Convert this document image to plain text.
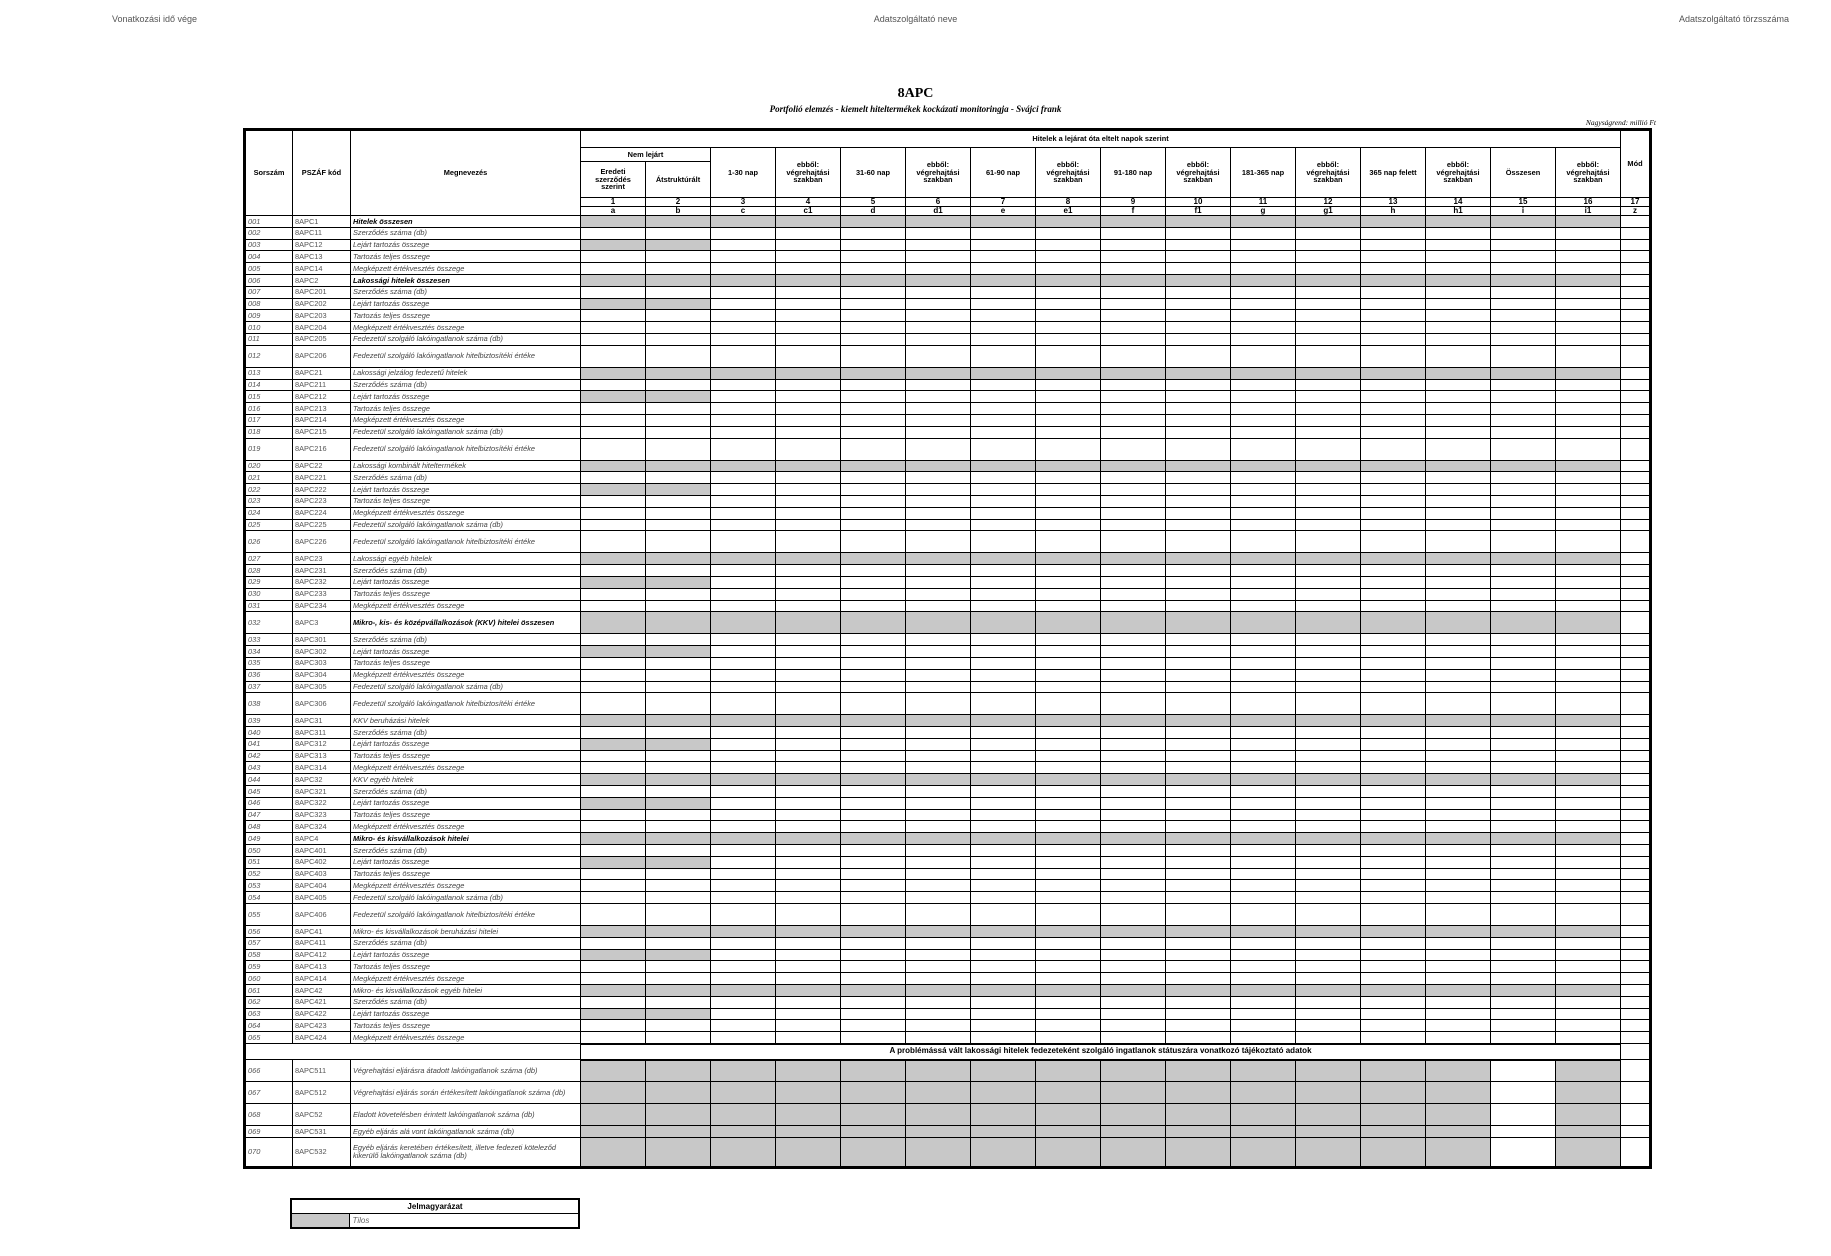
Vonatkozási idő vége	Adatszolgáltató neve	Adatszolgáltató törzsszáma
8APC
Portfolió elemzés - kiemelt hiteltermékek kockázati monitoringja - Svájci frank
Nagyságrend: millió Ft
Sorszám	PSZÁF kód	Megnevezés	Hitelek a lejárat óta eltelt napok szerint																Mód
			Nem lejárt		1-30 nap	ebből: végrehajtási szakban	31-60 nap	ebből: végrehajtási szakban	61-90 nap	ebből: végrehajtási szakban	91-180 nap	ebből: végrehajtási szakban	181-365 nap	ebből: végrehajtási szakban	365 nap felett	ebből: végrehajtási szakban	Összesen	ebből: végrehajtási szakban	
			Eredeti szerződés szerint	Átstruktúrált															
			1	2	3	4	5	6	7	8	9	10	11	12	13	14	15	16	17
			a	b	c	c1	d	d1	e	e1	f	f1	g	g1	h	h1	i	i1	z
001	8APC1	Hitelek összesen																	
002	8APC11	Szerződés száma (db)																	
003	8APC12	Lejárt tartozás összege																	
004	8APC13	Tartozás teljes összege																	
005	8APC14	Megképzett értékvesztés összege																	
006	8APC2	Lakossági hitelek összesen																	
007	8APC201	Szerződés száma (db)																	
008	8APC202	Lejárt tartozás összege																	
009	8APC203	Tartozás teljes összege																	
010	8APC204	Megképzett értékvesztés összege																	
011	8APC205	Fedezetül szolgáló lakóingatlanok száma (db)																	
012	8APC206	Fedezetül szolgáló lakóingatlanok hitelbiztosítéki értéke																	
013	8APC21	Lakossági jelzálog fedezetű hitelek																	
014	8APC211	Szerződés száma (db)																	
015	8APC212	Lejárt tartozás összege																	
016	8APC213	Tartozás teljes összege																	
017	8APC214	Megképzett értékvesztés összege																	
018	8APC215	Fedezetül szolgáló lakóingatlanok száma (db)																	
019	8APC216	Fedezetül szolgáló lakóingatlanok hitelbiztosítéki értéke																	
020	8APC22	Lakossági kombinált hiteltermékek																	
021	8APC221	Szerződés száma (db)																	
022	8APC222	Lejárt tartozás összege																	
023	8APC223	Tartozás teljes összege																	
024	8APC224	Megképzett értékvesztés összege																	
025	8APC225	Fedezetül szolgáló lakóingatlanok száma (db)																	
026	8APC226	Fedezetül szolgáló lakóingatlanok hitelbiztosítéki értéke																	
027	8APC23	Lakossági egyéb hitelek																	
028	8APC231	Szerződés száma (db)																	
029	8APC232	Lejárt tartozás összege																	
030	8APC233	Tartozás teljes összege																	
031	8APC234	Megképzett értékvesztés összege																	
032	8APC3	Mikro-, kis- és középvállalkozások (KKV) hitelei összesen																	
033	8APC301	Szerződés száma (db)																	
034	8APC302	Lejárt tartozás összege																	
035	8APC303	Tartozás teljes összege																	
036	8APC304	Megképzett értékvesztés összege																	
037	8APC305	Fedezetül szolgáló lakóingatlanok száma (db)																	
038	8APC306	Fedezetül szolgáló lakóingatlanok hitelbiztosítéki értéke																	
039	8APC31	KKV beruházási hitelek																	
040	8APC311	Szerződés száma (db)																	
041	8APC312	Lejárt tartozás összege																	
042	8APC313	Tartozás teljes összege																	
043	8APC314	Megképzett értékvesztés összege																	
044	8APC32	KKV egyéb hitelek																	
045	8APC321	Szerződés száma (db)																	
046	8APC322	Lejárt tartozás összege																	
047	8APC323	Tartozás teljes összege																	
048	8APC324	Megképzett értékvesztés összege																	
049	8APC4	Mikro- és kisvállalkozások hitelei																	
050	8APC401	Szerződés száma (db)																	
051	8APC402	Lejárt tartozás összege																	
052	8APC403	Tartozás teljes összege																	
053	8APC404	Megképzett értékvesztés összege																	
054	8APC405	Fedezetül szolgáló lakóingatlanok száma (db)																	
055	8APC406	Fedezetül szolgáló lakóingatlanok hitelbiztosítéki értéke																	
056	8APC41	Mikro- és kisvállalkozások beruházási hitelei																	
057	8APC411	Szerződés száma (db)																	
058	8APC412	Lejárt tartozás összege																	
059	8APC413	Tartozás teljes összege																	
060	8APC414	Megképzett értékvesztés összege																	
061	8APC42	Mikro- és kisvállalkozások egyéb hitelei																	
062	8APC421	Szerződés száma (db)																	
063	8APC422	Lejárt tartozás összege																	
064	8APC423	Tartozás teljes összege																	
065	8APC424	Megképzett értékvesztés összege																	
			A problémássá vált lakossági hitelek fedezeteként szolgáló ingatlanok státuszára vonatkozó tájékoztató adatok																
066	8APC511	Végrehajtási eljárásra átadott lakóingatlanok száma (db)																	
067	8APC512	Végrehajtási eljárás során értékesített lakóingatlanok száma (db)																	
068	8APC52	Eladott követelésben érintett lakóingatlanok száma (db)																	
069	8APC531	Egyéb eljárás alá vont lakóingatlanok száma (db)																	
070	8APC532	Egyéb eljárás keretében értékesített, illetve fedezeti köteleződ kikerülő lakóingatlanok száma (db)																	
Jelmagyarázat
	Tilos
